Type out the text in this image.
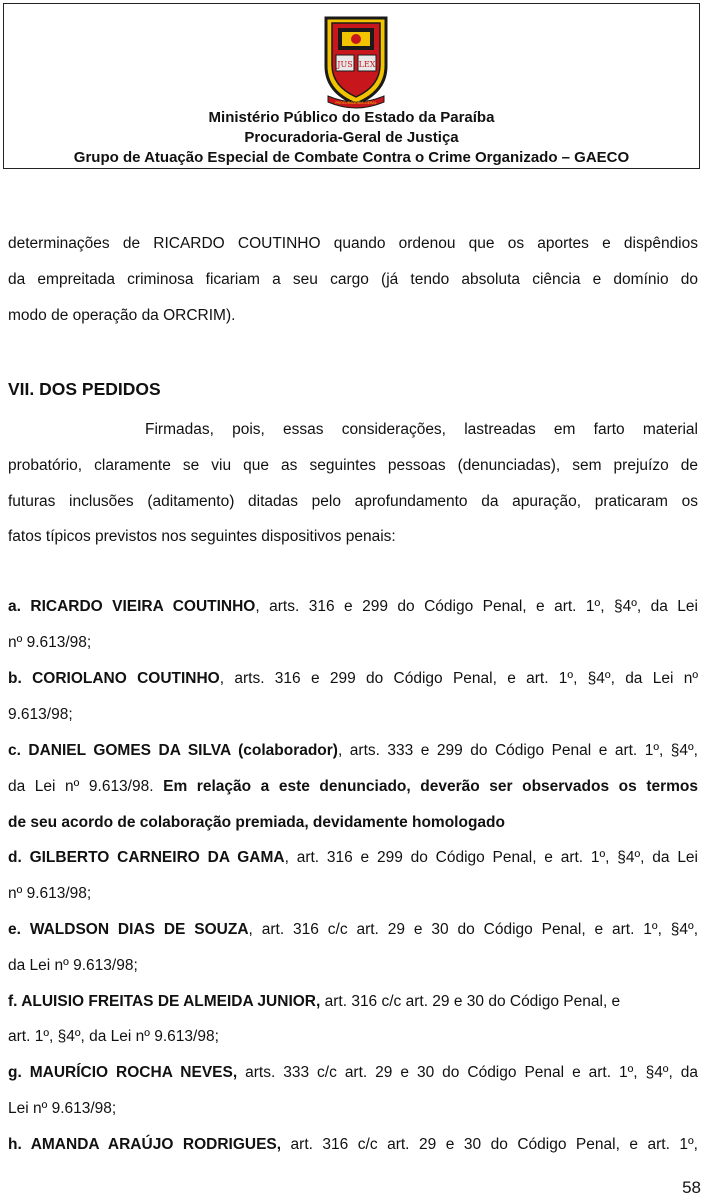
JUS LEX
PROCURADORIA-GERAL
Ministério Público do Estado da Paraíba
Procuradoria-Geral de Justiça
Grupo de Atuação Especial de Combate Contra o Crime Organizado – GAECO
determinações de RICARDO COUTINHO quando ordenou que os aportes e dispêndios
da empreitada criminosa ficariam a seu cargo (já tendo absoluta ciência e domínio do
modo de operação da ORCRIM).
VII. DOS PEDIDOS
Firmadas, pois, essas considerações, lastreadas em farto material
probatório, claramente se viu que as seguintes pessoas (denunciadas), sem prejuízo de
futuras inclusões (aditamento) ditadas pelo aprofundamento da apuração, praticaram os
fatos típicos previstos nos seguintes dispositivos penais:
a. RICARDO VIEIRA COUTINHO, arts. 316 e 299 do Código Penal, e art. 1º, §4º, da Lei
nº 9.613/98;
b. CORIOLANO COUTINHO, arts. 316 e 299 do Código Penal, e art. 1º, §4º, da Lei nº
9.613/98;
c. DANIEL GOMES DA SILVA (colaborador), arts. 333 e 299 do Código Penal e art. 1º, §4º,
da Lei nº 9.613/98. Em relação a este denunciado, deverão ser observados os termos
de seu acordo de colaboração premiada, devidamente homologado
d. GILBERTO CARNEIRO DA GAMA, art. 316 e 299 do Código Penal, e art. 1º, §4º, da Lei
nº 9.613/98;
e. WALDSON DIAS DE SOUZA, art. 316 c/c art. 29 e 30 do Código Penal, e art. 1º, §4º,
da Lei nº 9.613/98;
f. ALUISIO FREITAS DE ALMEIDA JUNIOR, art. 316 c/c art. 29 e 30 do Código Penal, e
art. 1º, §4º, da Lei nº 9.613/98;
g. MAURÍCIO ROCHA NEVES, arts. 333 c/c art. 29 e 30 do Código Penal e art. 1º, §4º, da
Lei nº 9.613/98;
h. AMANDA ARAÚJO RODRIGUES, art. 316 c/c art. 29 e 30 do Código Penal, e art. 1º,
58
